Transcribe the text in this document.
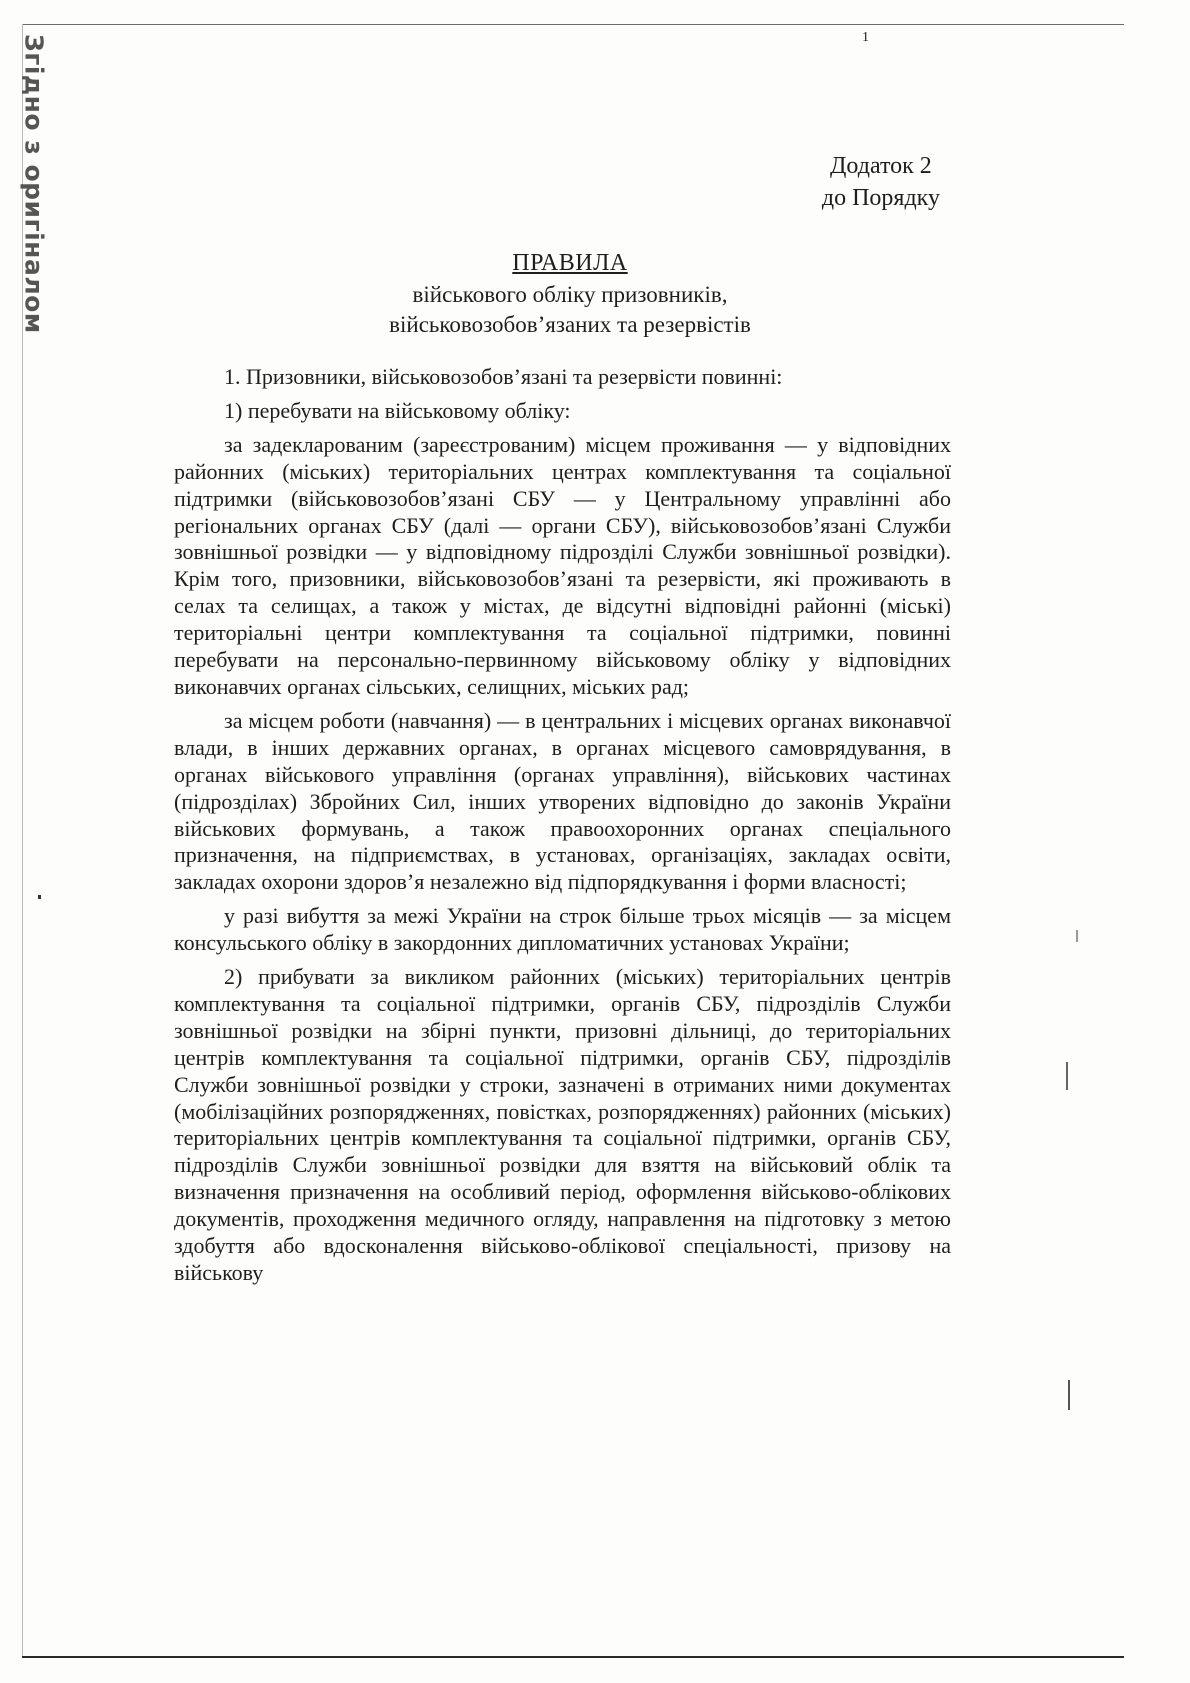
Згідно з оригіналом	1
Додаток 2
до Порядку
ПРАВИЛА
військового обліку призовників,
військовозобов’язаних та резервістів

1. Призовники, військовозобов’язані та резервісти повинні:

1) перебувати на військовому обліку:

за задекларованим (зареєстрованим) місцем проживання — у відповідних районних (міських) територіальних центрах комплектування та соціальної підтримки (військовозобов’язані СБУ — у Центральному управлінні або регіональних органах СБУ (далі — органи СБУ), військовозобов’язані Служби зовнішньої розвідки — у відповідному підрозділі Служби зовнішньої розвідки). Крім того, призовники, військовозобов’язані та резервісти, які проживають в селах та селищах, а також у містах, де відсутні відповідні районні (міські) територіальні центри комплектування та соціальної підтримки, повинні перебувати на персонально-первинному військовому обліку у відповідних виконавчих органах сільських, селищних, міських рад;

за місцем роботи (навчання) — в центральних і місцевих органах виконавчої влади, в інших державних органах, в органах місцевого самоврядування, в органах військового управління (органах управління), військових частинах (підрозділах) Збройних Сил, інших утворених відповідно до законів України військових формувань, а також правоохоронних органах спеціального призначення, на підприємствах, в установах, організаціях, закладах освіти, закладах охорони здоров’я незалежно від підпорядкування і форми власності;

у разі вибуття за межі України на строк більше трьох місяців — за місцем консульського обліку в закордонних дипломатичних установах України;

2) прибувати за викликом районних (міських) територіальних центрів комплектування та соціальної підтримки, органів СБУ, підрозділів Служби зовнішньої розвідки на збірні пункти, призовні дільниці, до територіальних центрів комплектування та соціальної підтримки, органів СБУ, підрозділів Служби зовнішньої розвідки у строки, зазначені в отриманих ними документах (мобілізаційних розпорядженнях, повістках, розпорядженнях) районних (міських) територіальних центрів комплектування та соціальної підтримки, органів СБУ, підрозділів Служби зовнішньої розвідки для взяття на військовий облік та визначення призначення на особливий період, оформлення військово-облікових документів, проходження медичного огляду, направлення на підготовку з метою здобуття або вдосконалення військово-облікової спеціальності, призову на військову
